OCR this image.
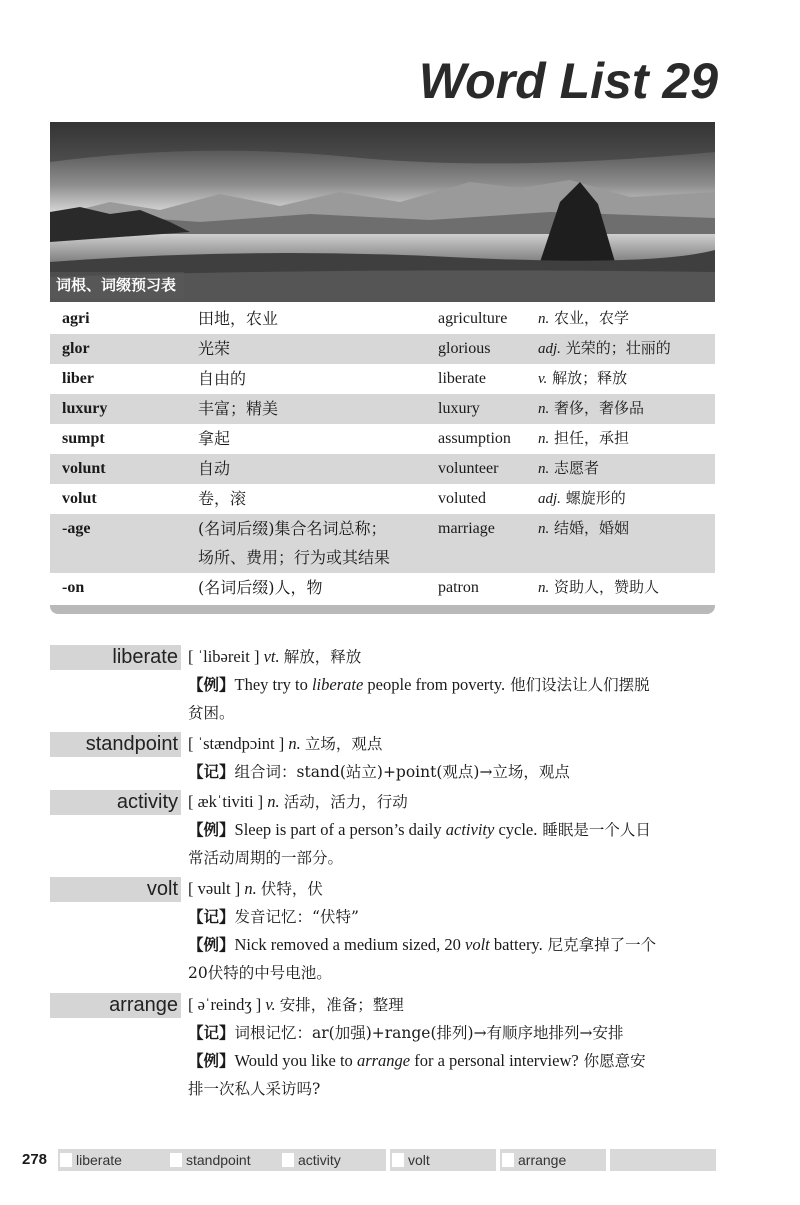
Word List 29
词根、词缀预习表
agri	田地，农业	agriculture	n. 农业，农学
glor	光荣	glorious	adj. 光荣的；壮丽的
liber	自由的	liberate	v. 解放；释放
luxury	丰富；精美	luxury	n. 奢侈，奢侈品
sumpt	拿起	assumption	n. 担任，承担
volunt	自动	volunteer	n. 志愿者
volut	卷，滚	voluted	adj. 螺旋形的
-age	(名词后缀)集合名词总称；
场所、费用；行为或其结果	marriage	n. 结婚，婚姻
-on	(名词后缀)人，物	patron	n. 资助人，赞助人
liberate [ ˈlibəreit ] vt. 解放，释放
【例】They try to liberate people from poverty. 他们设法让人们摆脱
贫困。
standpoint [ ˈstændpɔint ] n. 立场，观点
【记】组合词：stand(站立)+point(观点)→立场，观点
activity [ ækˈtiviti ] n. 活动，活力，行动
【例】Sleep is part of a person’s daily activity cycle. 睡眠是一个人日
常活动周期的一部分。
volt [ vəult ] n. 伏特，伏
【记】发音记忆：“伏特”
【例】Nick removed a medium sized, 20 volt battery. 尼克拿掉了一个
20伏特的中号电池。
arrange [ əˈreindʒ ] v. 安排，准备；整理
【记】词根记忆：ar(加强)+range(排列)→有顺序地排列→安排
【例】Would you like to arrange for a personal interview? 你愿意安
排一次私人采访吗?
278	liberate	standpoint	activity	volt	arrange
